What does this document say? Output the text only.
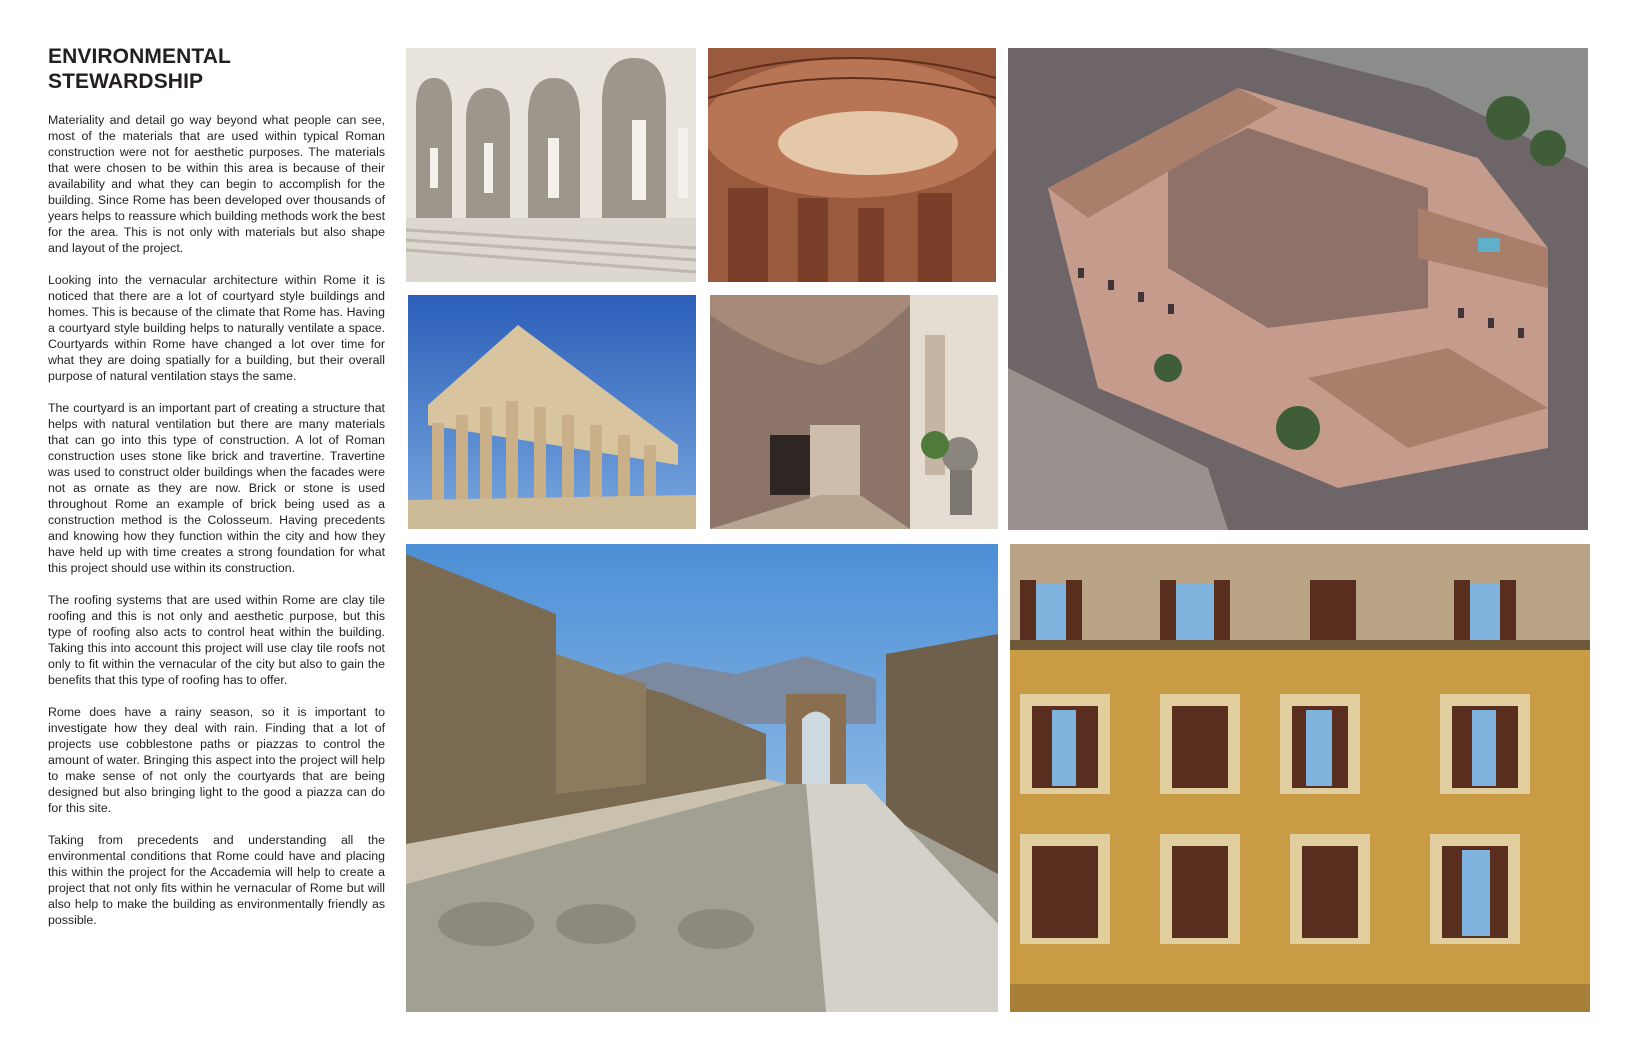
ENVIRONMENTAL
STEWARDSHIP

Materiality and detail go way beyond what people can see, most of the materials that are used within typical Roman construction were not for aesthetic purposes. The materials that were chosen to be within this area is because of their availability and what they can begin to accomplish for the building. Since Rome has been developed over thousands of years helps to reassure which building methods work the best for the area. This is not only with materials but also shape and layout of the project.

Looking into the vernacular architecture within Rome it is noticed that there are a lot of courtyard style buildings and homes. This is because of the climate that Rome has. Having a courtyard style building helps to naturally ventilate a space. Courtyards within Rome have changed a lot over time for what they are doing spatially for a building, but their overall purpose of natural ventilation stays the same.

The courtyard is an important part of creating a structure that helps with natural ventilation but there are many materials that can go into this type of construction. A lot of Roman construction uses stone like brick and travertine. Travertine was used to construct older buildings when the facades were not as ornate as they are now. Brick or stone is used throughout Rome an example of brick being used as a construction method is the Colosseum. Having precedents and knowing how they function within the city and how they have held up with time creates a strong foundation for what this project should use within its construction.

The roofing systems that are used within Rome are clay tile roofing and this is not only and aesthetic purpose, but this type of roofing also acts to control heat within the building. Taking this into account this project will use clay tile roofs not only to fit within the vernacular of the city but also to gain the benefits that this type of roofing has to offer.

Rome does have a rainy season, so it is important to investigate how they deal with rain. Finding that a lot of projects use cobblestone paths or piazzas to control the amount of water. Bringing this aspect into the project will help to make sense of not only the courtyards that are being designed but also bringing light to the good a piazza can do for this site.

Taking from precedents and understanding all the environmental conditions that Rome could have and placing this within the project for the Accademia will help to create a project that not only fits within he vernacular of Rome but will also help to make the building as environmentally friendly as possible.
